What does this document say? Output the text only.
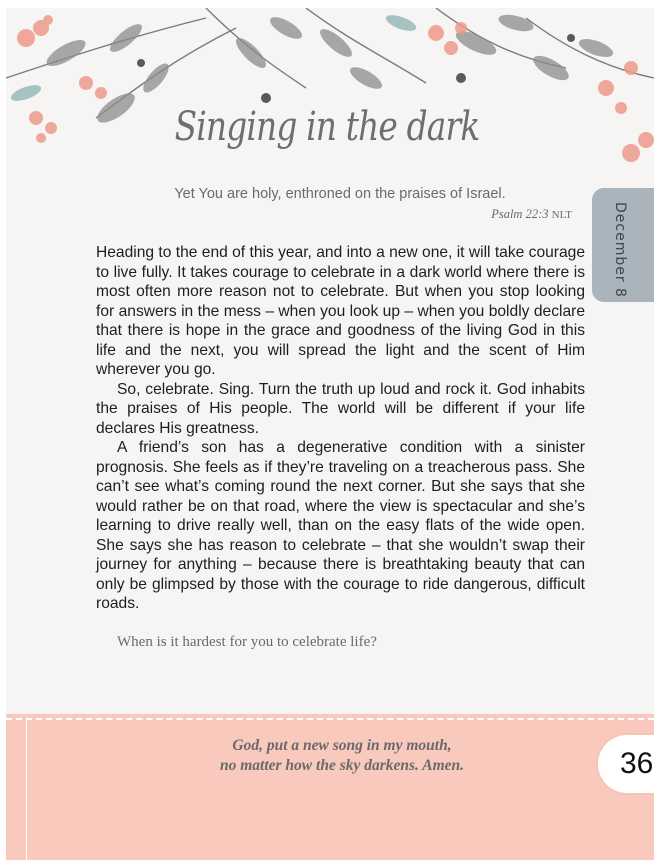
December 8
Singing in the dark

Yet You are holy, enthroned on the praises of Israel.

Psalm 22:3 NLT

Heading to the end of this year, and into a new one, it will take courage to live fully. It takes courage to celebrate in a dark world where there is most often more reason not to celebrate. But when you stop looking for answers in the mess – when you look up – when you boldly declare that there is hope in the grace and goodness of the living God in this life and the next, you will spread the light and the scent of Him wherever you go.

So, celebrate. Sing. Turn the truth up loud and rock it. God inhabits the praises of His people. The world will be different if your life declares His greatness.

A friend’s son has a degenerative condition with a sinister prognosis. She feels as if they’re traveling on a treacherous pass. She can’t see what’s coming round the next corner. But she says that she would rather be on that road, where the view is spectacular and she’s learning to drive really well, than on the easy flats of the wide open. She says she has reason to celebrate – that she wouldn’t swap their journey for anything – because there is breathtaking beauty that can only be glimpsed by those with the courage to ride dangerous, difficult roads.

When is it hardest for you to celebrate life?

God, put a new song in my mouth,
no matter how the sky darkens. Amen.	36
